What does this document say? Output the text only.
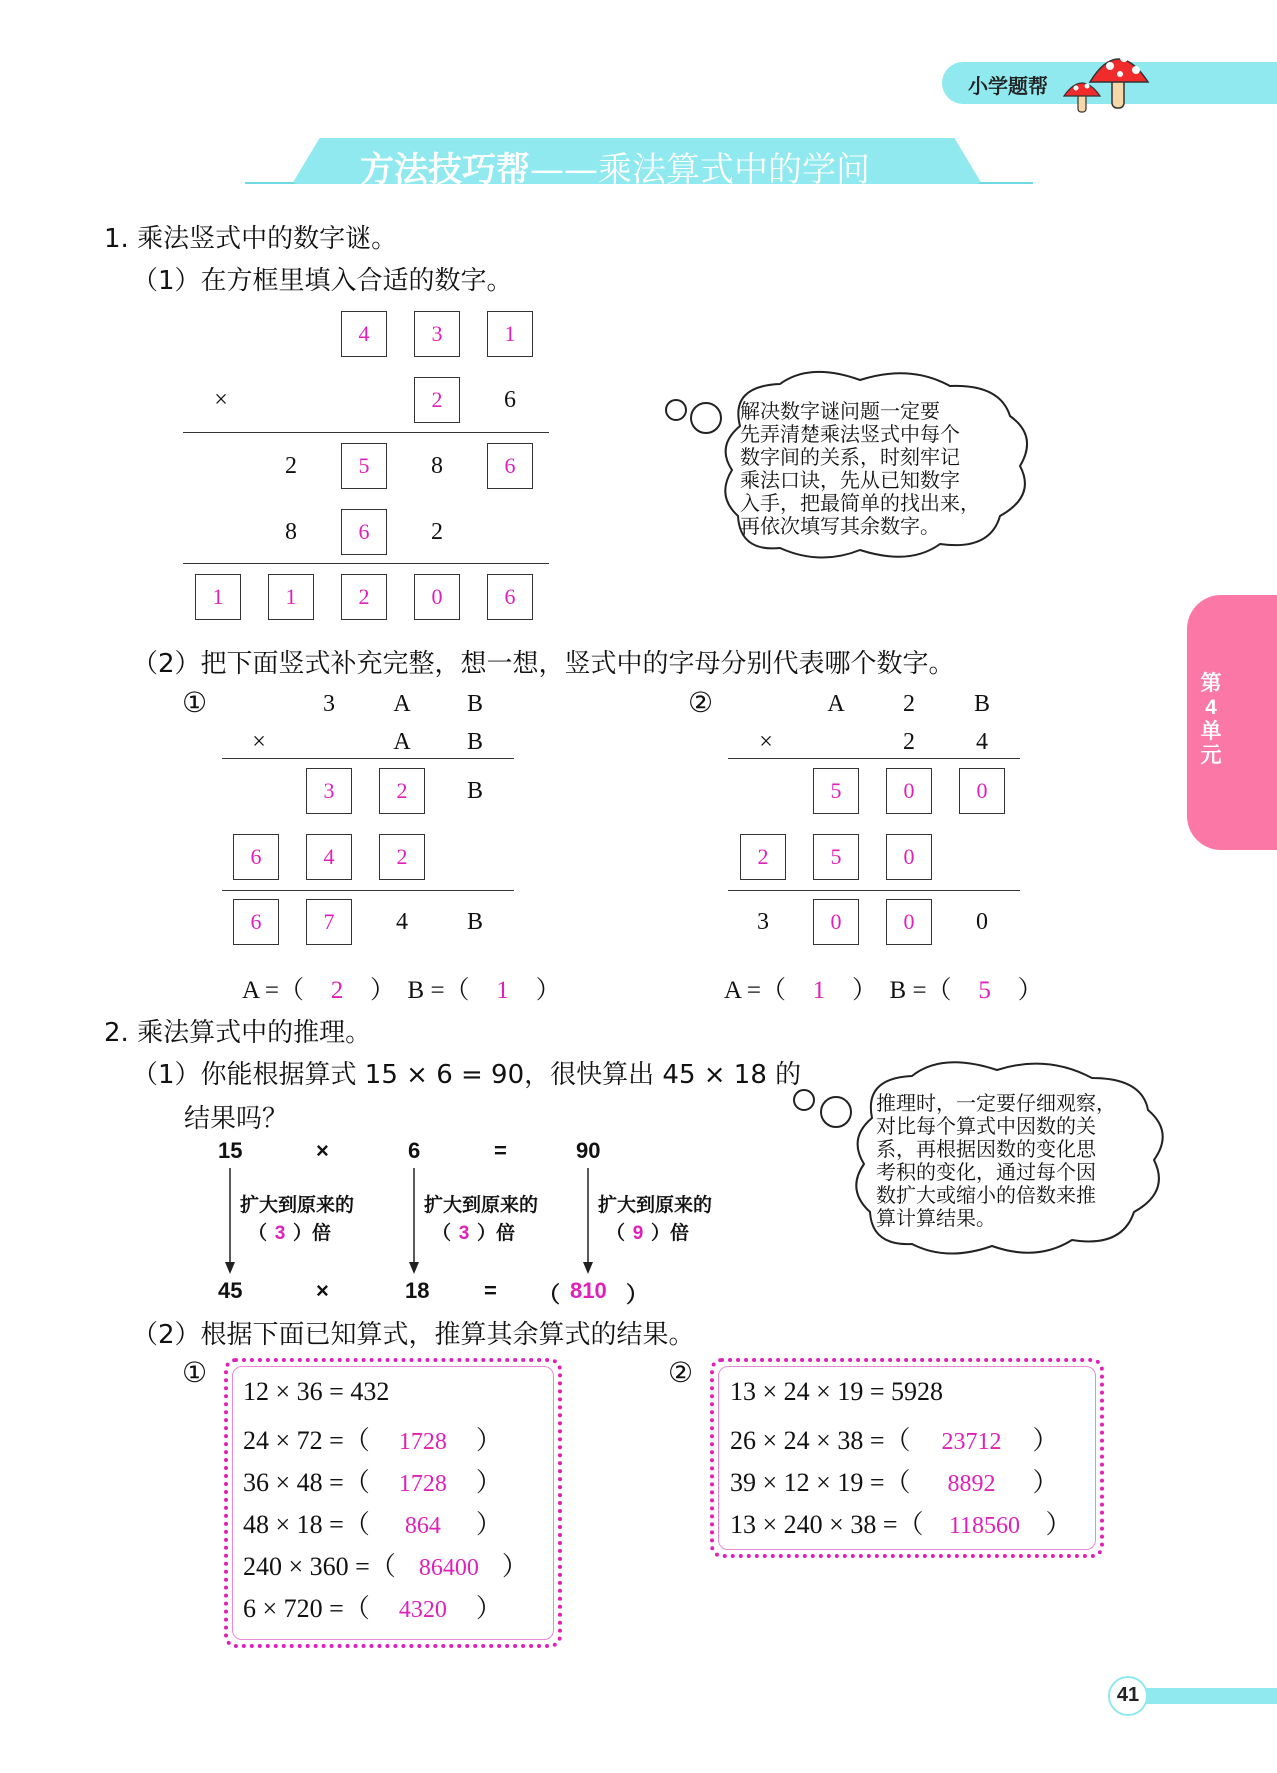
小学题帮
方法技巧帮——乘法算式中的学问
第
4
单
元
1. 乘法竖式中的数字谜。
（1）在方框里填入合适的数字。
4	3	1
×	2	6
2	5	8	6
8	6	2
1	1	2	0	6
解决数字谜问题一定要
先弄清楚乘法竖式中每个
数字间的关系，时刻牢记
乘法口诀，先从已知数字
入手，把最简单的找出来，
再依次填写其余数字。
（2）把下面竖式补充完整，想一想，竖式中的字母分别代表哪个数字。
①	3	A	B
×	A	B
3	2	B
6	4	2
6	7	4	B
A =（ 2 ）　B =（ 1 ）
②	A	2	B
×	2	4
5	0	0
2	5	0
3	0	0	0
A =（ 1 ）　B =（ 5 ）
2. 乘法算式中的推理。
（1）你能根据算式 15 × 6 = 90，很快算出 45 × 18 的
结果吗？
15	×	6	=	90
扩大到原来的
（ 3 ）倍
扩大到原来的
（ 3 ）倍
扩大到原来的
（ 9 ）倍
45	×	18 = （ 810 ）
推理时，一定要仔细观察，
对比每个算式中因数的关
系，再根据因数的变化思
考积的变化，通过每个因
数扩大或缩小的倍数来推
算计算结果。
（2）根据下面已知算式，推算其余算式的结果。
①
12 × 36 = 432
24 × 72 =（ 1728 ）
36 × 48 =（ 1728 ）
48 × 18 =（ 864 ）
240 × 360 =（ 86400 ）
6 × 720 =（ 4320 ）
②
13 × 24 × 19 = 5928
26 × 24 × 38 =（ 23712 ）
39 × 12 × 19 =（ 8892 ）
13 × 240 × 38 =（ 118560 ）
41
